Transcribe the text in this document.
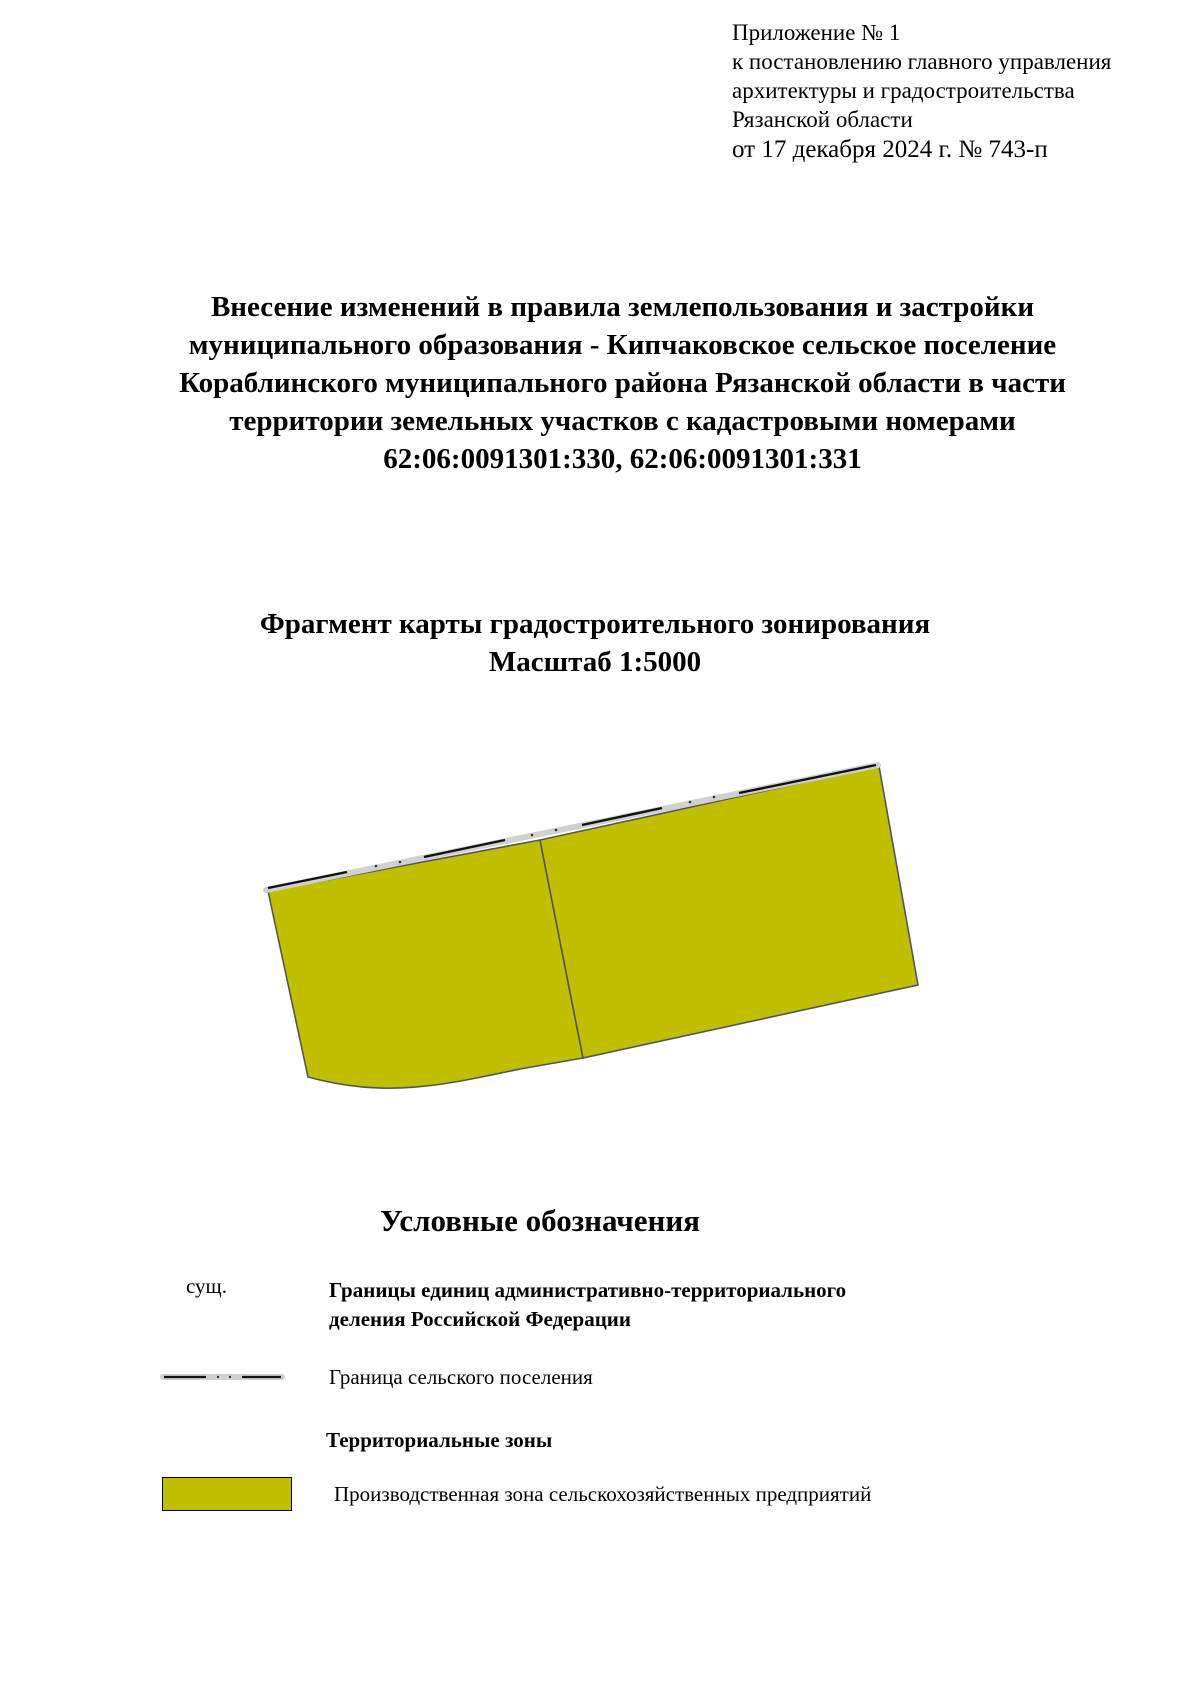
Приложение № 1
к постановлению главного управления
архитектуры и градостроительства
Рязанской области
от 17 декабря 2024 г. № 743-п
Внесение изменений в правила землепользования и застройки
муниципального образования - Кипчаковское сельское поселение
Кораблинского муниципального района Рязанской области в части
территории земельных участков с кадастровыми номерами
62:06:0091301:330, 62:06:0091301:331
Фрагмент карты градостроительного зонирования
Масштаб 1:5000
Условные обозначения
сущ.	Границы единиц административно-территориального
деления Российской Федерации
Граница сельского поселения
Территориальные зоны
Производственная зона сельскохозяйственных предприятий
